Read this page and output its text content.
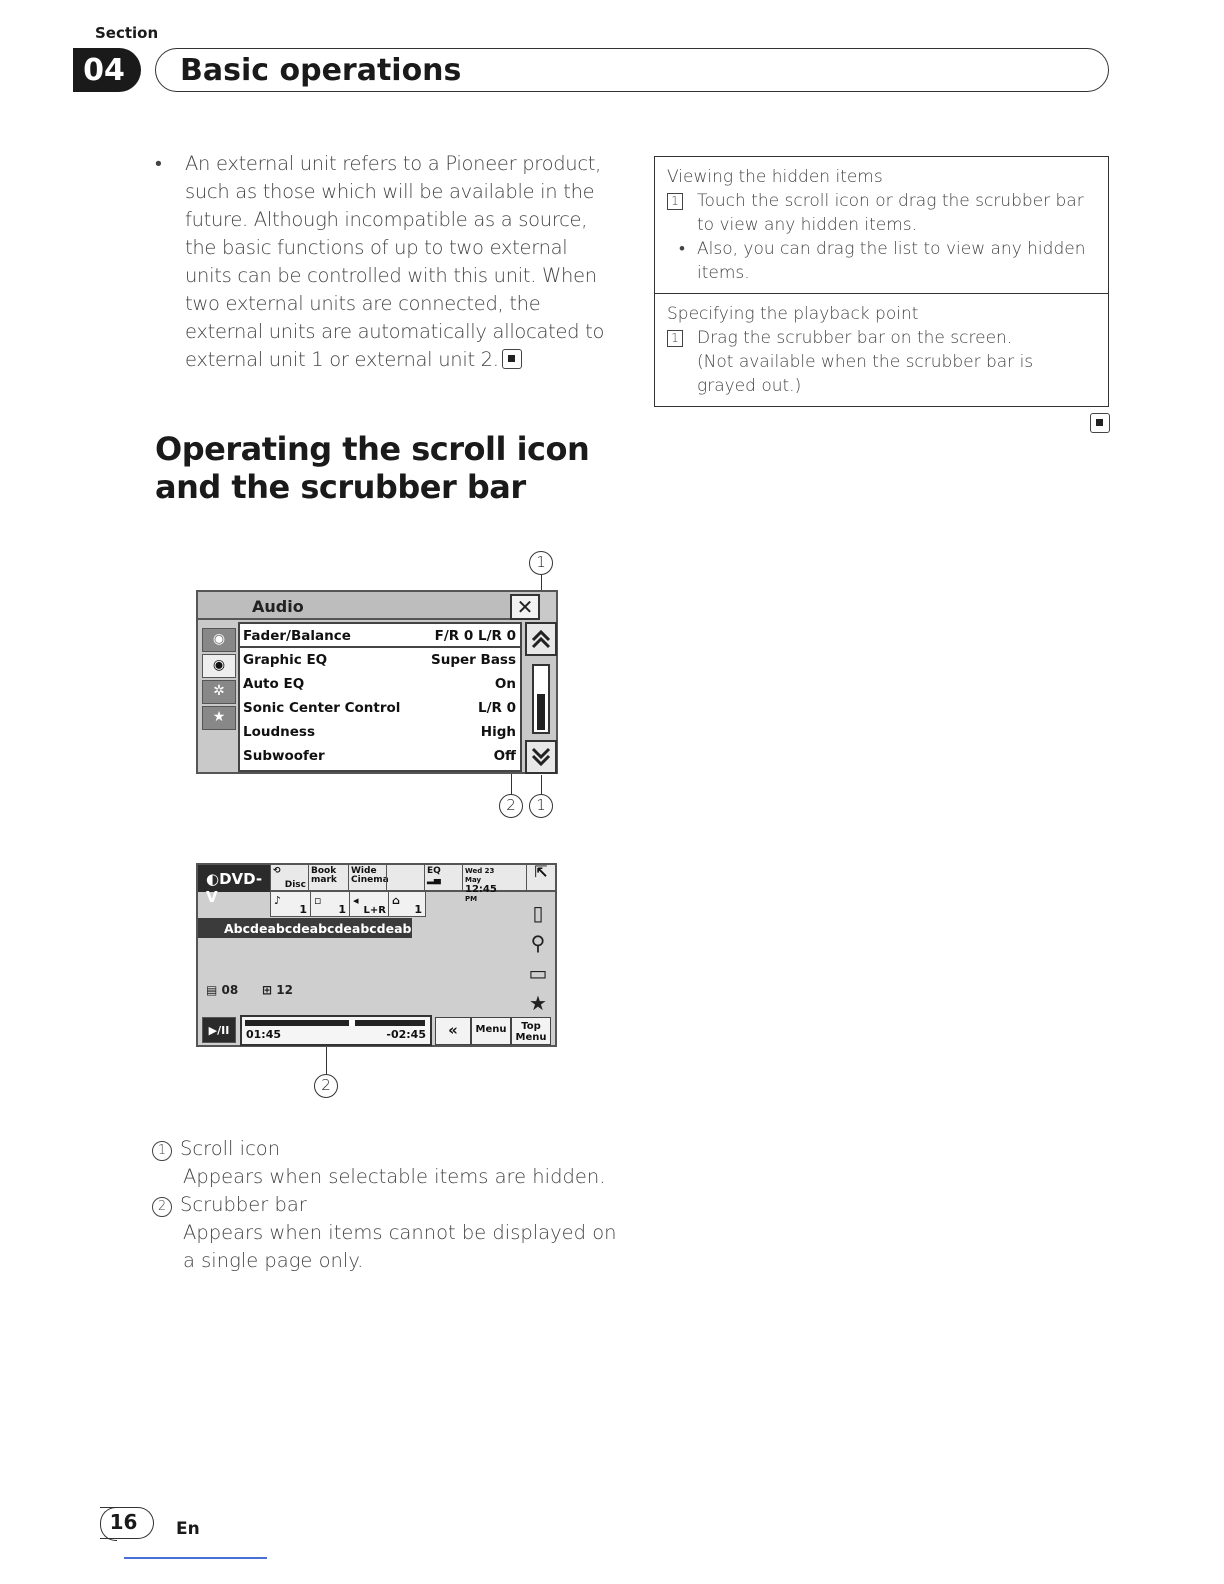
Section
04	Basic operations
• An external unit refers to a Pioneer product, such as those which will be available in the future. Although incompatible as a source, the basic functions of up to two external units can be controlled with this unit. When two external units are connected, the external units are automatically allocated to external unit 1 or external unit 2.
Operating the scroll icon and the scrubber bar
Viewing the hidden items
1	Touch the scroll icon or drag the scrubber bar to view any hidden items.
• Also, you can drag the list to view any hidden items.
Specifying the playback point
1	Drag the scrubber bar on the screen.
(Not available when the scrubber bar is grayed out.)
1
2	1
Audio	✕
◉
◉
✲
★
Fader/Balance	F/R 0 L/R 0
Graphic EQ	Super Bass
Auto EQ	On
Sonic Center Control	L/R 0
Loudness	High
Subwoofer	Off
◐DVD-V
⟲

Disc
Book mark
Wide Cinema
EQ
▂▄
Wed 23 May
12:45 PM
⇱
♪
1
▫
1
◂
L+R
⌂
1
Abcdeabcdeabcdeabcdeab
▯
⚲
▭
★
▤ 08 ⊞ 12
▶/II	01:45	-02:45	«	Menu	Top Menu
2
1 Scroll icon
Appears when selectable items are hidden.
2 Scrubber bar
Appears when items cannot be displayed on a single page only.
16	En
